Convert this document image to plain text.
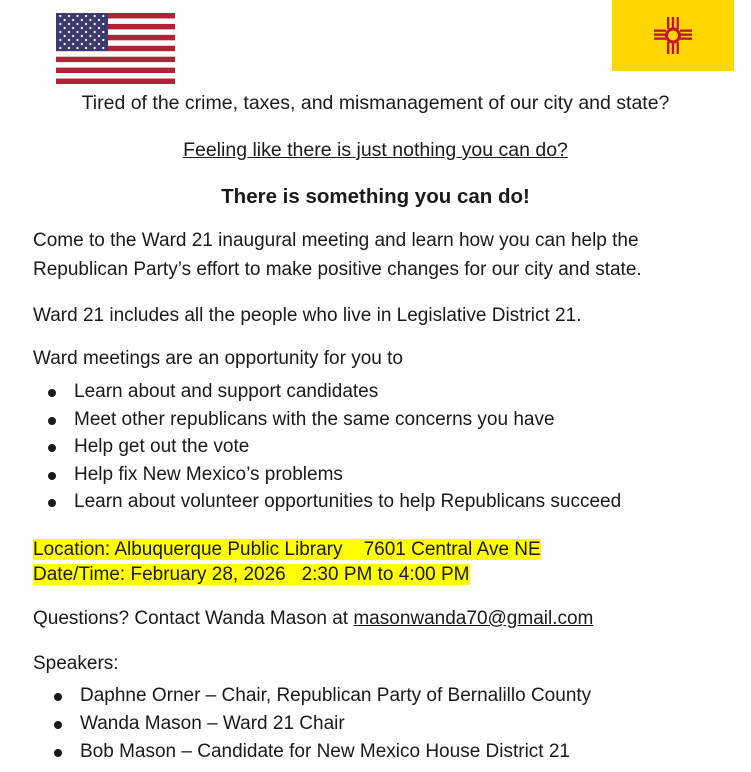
Tired of the crime, taxes, and mismanagement of our city and state?
Feeling like there is just nothing you can do?
There is something you can do!
Come to the Ward 21 inaugural meeting and learn how you can help the
Republican Party’s effort to make positive changes for our city and state.
Ward 21 includes all the people who live in Legislative District 21.
Ward meetings are an opportunity for you to
Learn about and support candidates
Meet other republicans with the same concerns you have
Help get out the vote
Help fix New Mexico’s problems
Learn about volunteer opportunities to help Republicans succeed
Location: Albuquerque Public Library    7601 Central Ave NE
Date/Time: February 28, 2026   2:30 PM to 4:00 PM
Questions? Contact Wanda Mason at masonwanda70@gmail.com
Speakers:
Daphne Orner – Chair, Republican Party of Bernalillo County
Wanda Mason – Ward 21 Chair
Bob Mason – Candidate for New Mexico House District 21
